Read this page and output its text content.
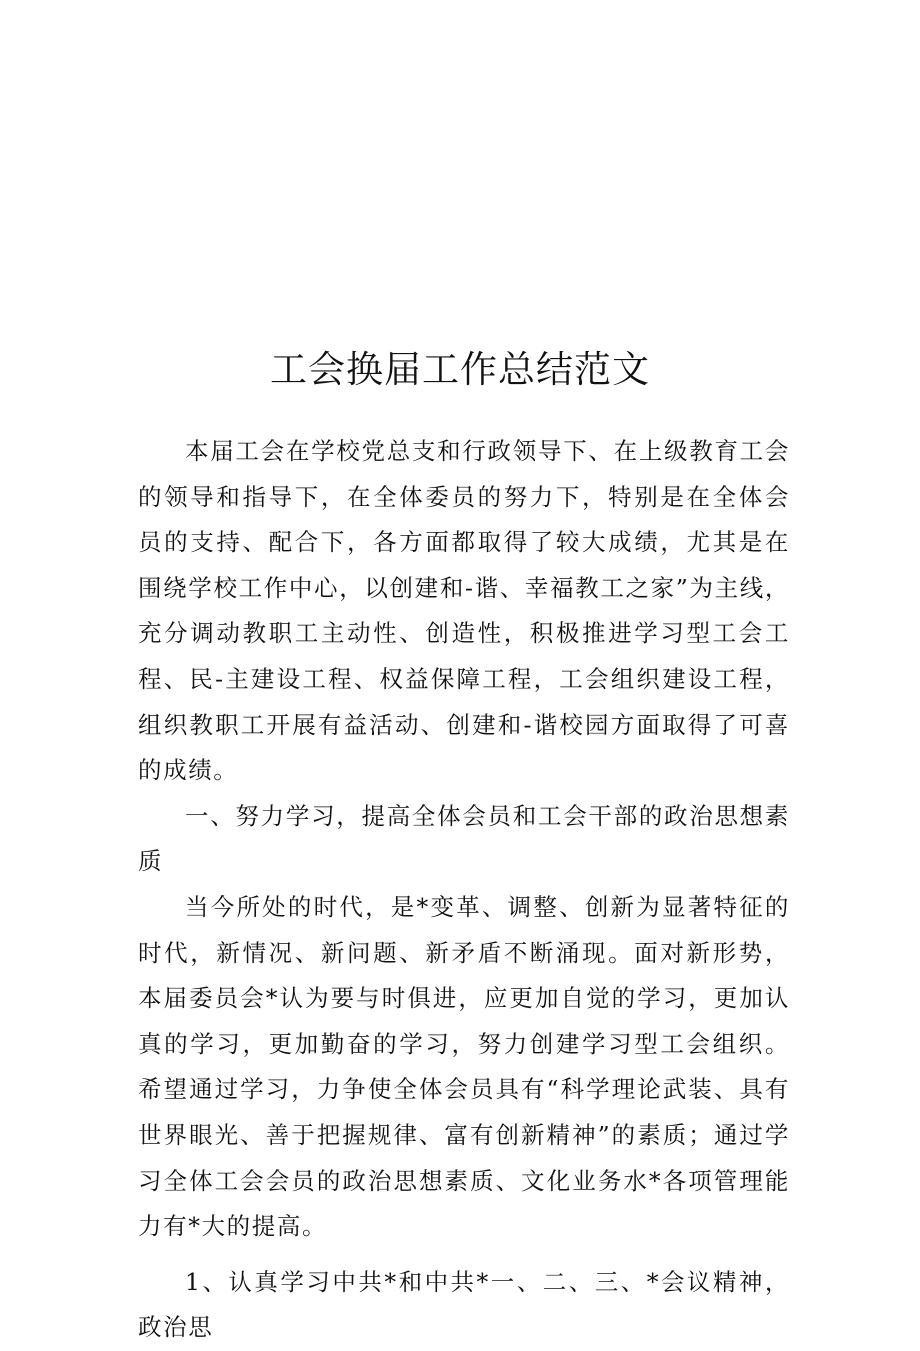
工会换届工作总结范文

本届工会在学校党总支和行政领导下、在上级教育工会的领导和指导下，在全体委员的努力下，特别是在全体会员的支持、配合下，各方面都取得了较大成绩，尤其是在围绕学校工作中心，以创建和-谐、幸福教工之家”为主线，充分调动教职工主动性、创造性，积极推进学习型工会工程、民-主建设工程、权益保障工程，工会组织建设工程，组织教职工开展有益活动、创建和-谐校园方面取得了可喜的成绩。

一、努力学习，提高全体会员和工会干部的政治思想素质

当今所处的时代，是*变革、调整、创新为显著特征的时代，新情况、新问题、新矛盾不断涌现。面对新形势，本届委员会*认为要与时俱进，应更加自觉的学习，更加认真的学习，更加勤奋的学习，努力创建学习型工会组织。希望通过学习，力争使全体会员具有“科学理论武装、具有世界眼光、善于把握规律、富有创新精神”的素质；通过学习全体工会会员的政治思想素质、文化业务水*各项管理能力有*大的提高。

1、认真学习中共*和中共*一、二、三、*会议精神，政治思
